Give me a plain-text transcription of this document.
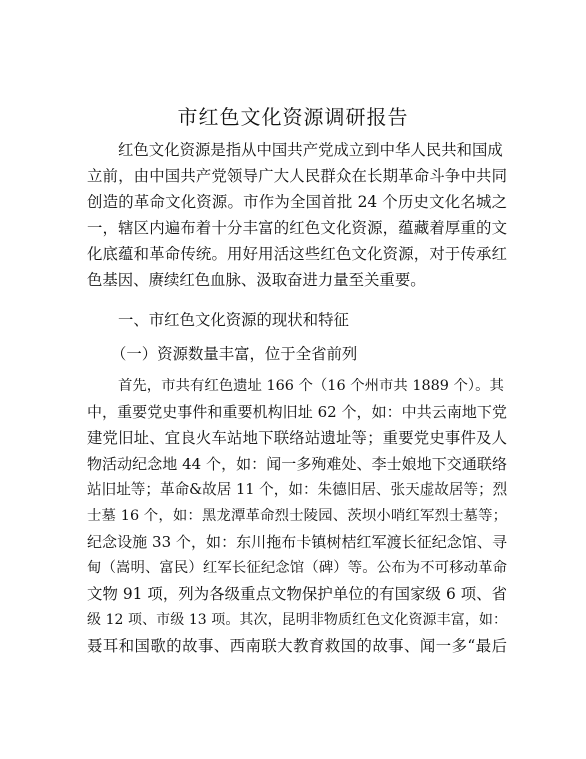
市红色文化资源调研报告
红色文化资源是指从中国共产党成立到中华人民共和国成
立前，由中国共产党领导广大人民群众在长期革命斗争中共同
创造的革命文化资源。市作为全国首批 24 个历史文化名城之
一，辖区内遍布着十分丰富的红色文化资源，蕴藏着厚重的文
化底蕴和革命传统。用好用活这些红色文化资源，对于传承红
色基因、赓续红色血脉、汲取奋进力量至关重要。
一、市红色文化资源的现状和特征
（一）资源数量丰富，位于全省前列
首先，市共有红色遗址 166 个（16 个州市共 1889 个）。其
中，重要党史事件和重要机构旧址 62 个，如：中共云南地下党
建党旧址、宜良火车站地下联络站遗址等；重要党史事件及人
物活动纪念地 44 个，如：闻一多殉难处、李士娘地下交通联络
站旧址等；革命&故居 11 个，如：朱德旧居、张天虚故居等；烈
士墓 16 个，如：黑龙潭革命烈士陵园、茨坝小哨红军烈士墓等；
纪念设施 33 个，如：东川拖布卡镇树桔红军渡长征纪念馆、寻
甸（嵩明、富民）红军长征纪念馆（碑）等。公布为不可移动革命
文物 91 项，列为各级重点文物保护单位的有国家级 6 项、省
级 12 项、市级 13 项。其次，昆明非物质红色文化资源丰富，如：
聂耳和国歌的故事、西南联大教育救国的故事、闻一多“最后
